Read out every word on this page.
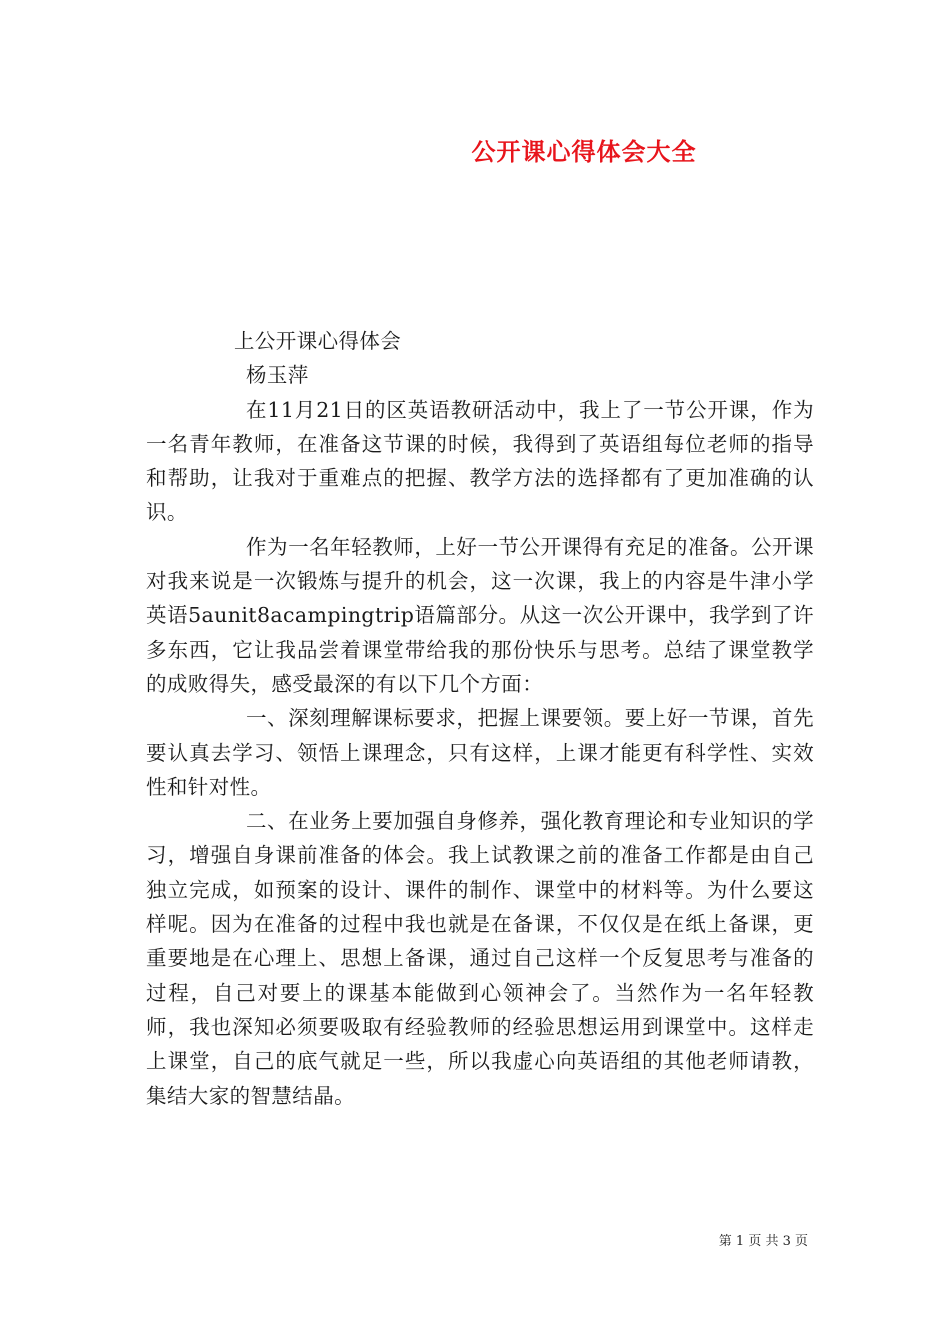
公开课心得体会大全

上公开课心得体会

杨玉萍

在11月21日的区英语教研活动中，我上了一节公开课，作为一名青年教师，在准备这节课的时候，我得到了英语组每位老师的指导和帮助，让我对于重难点的把握、教学方法的选择都有了更加准确的认识。

作为一名年轻教师，上好一节公开课得有充足的准备。公开课对我来说是一次锻炼与提升的机会，这一次课，我上的内容是牛津小学英语5aunit8acampingtrip语篇部分。从这一次公开课中，我学到了许多东西，它让我品尝着课堂带给我的那份快乐与思考。总结了课堂教学的成败得失，感受最深的有以下几个方面：

一、深刻理解课标要求，把握上课要领。要上好一节课，首先要认真去学习、领悟上课理念，只有这样，上课才能更有科学性、实效性和针对性。

二、在业务上要加强自身修养，强化教育理论和专业知识的学习，增强自身课前准备的体会。我上试教课之前的准备工作都是由自己独立完成，如预案的设计、课件的制作、课堂中的材料等。为什么要这样呢。因为在准备的过程中我也就是在备课，不仅仅是在纸上备课，更重要地是在心理上、思想上备课，通过自己这样一个反复思考与准备的过程，自己对要上的课基本能做到心领神会了。当然作为一名年轻教师，我也深知必须要吸取有经验教师的经验思想运用到课堂中。这样走上课堂，自己的底气就足一些，所以我虚心向英语组的其他老师请教，集结大家的智慧结晶。

第 1 页 共 3 页
